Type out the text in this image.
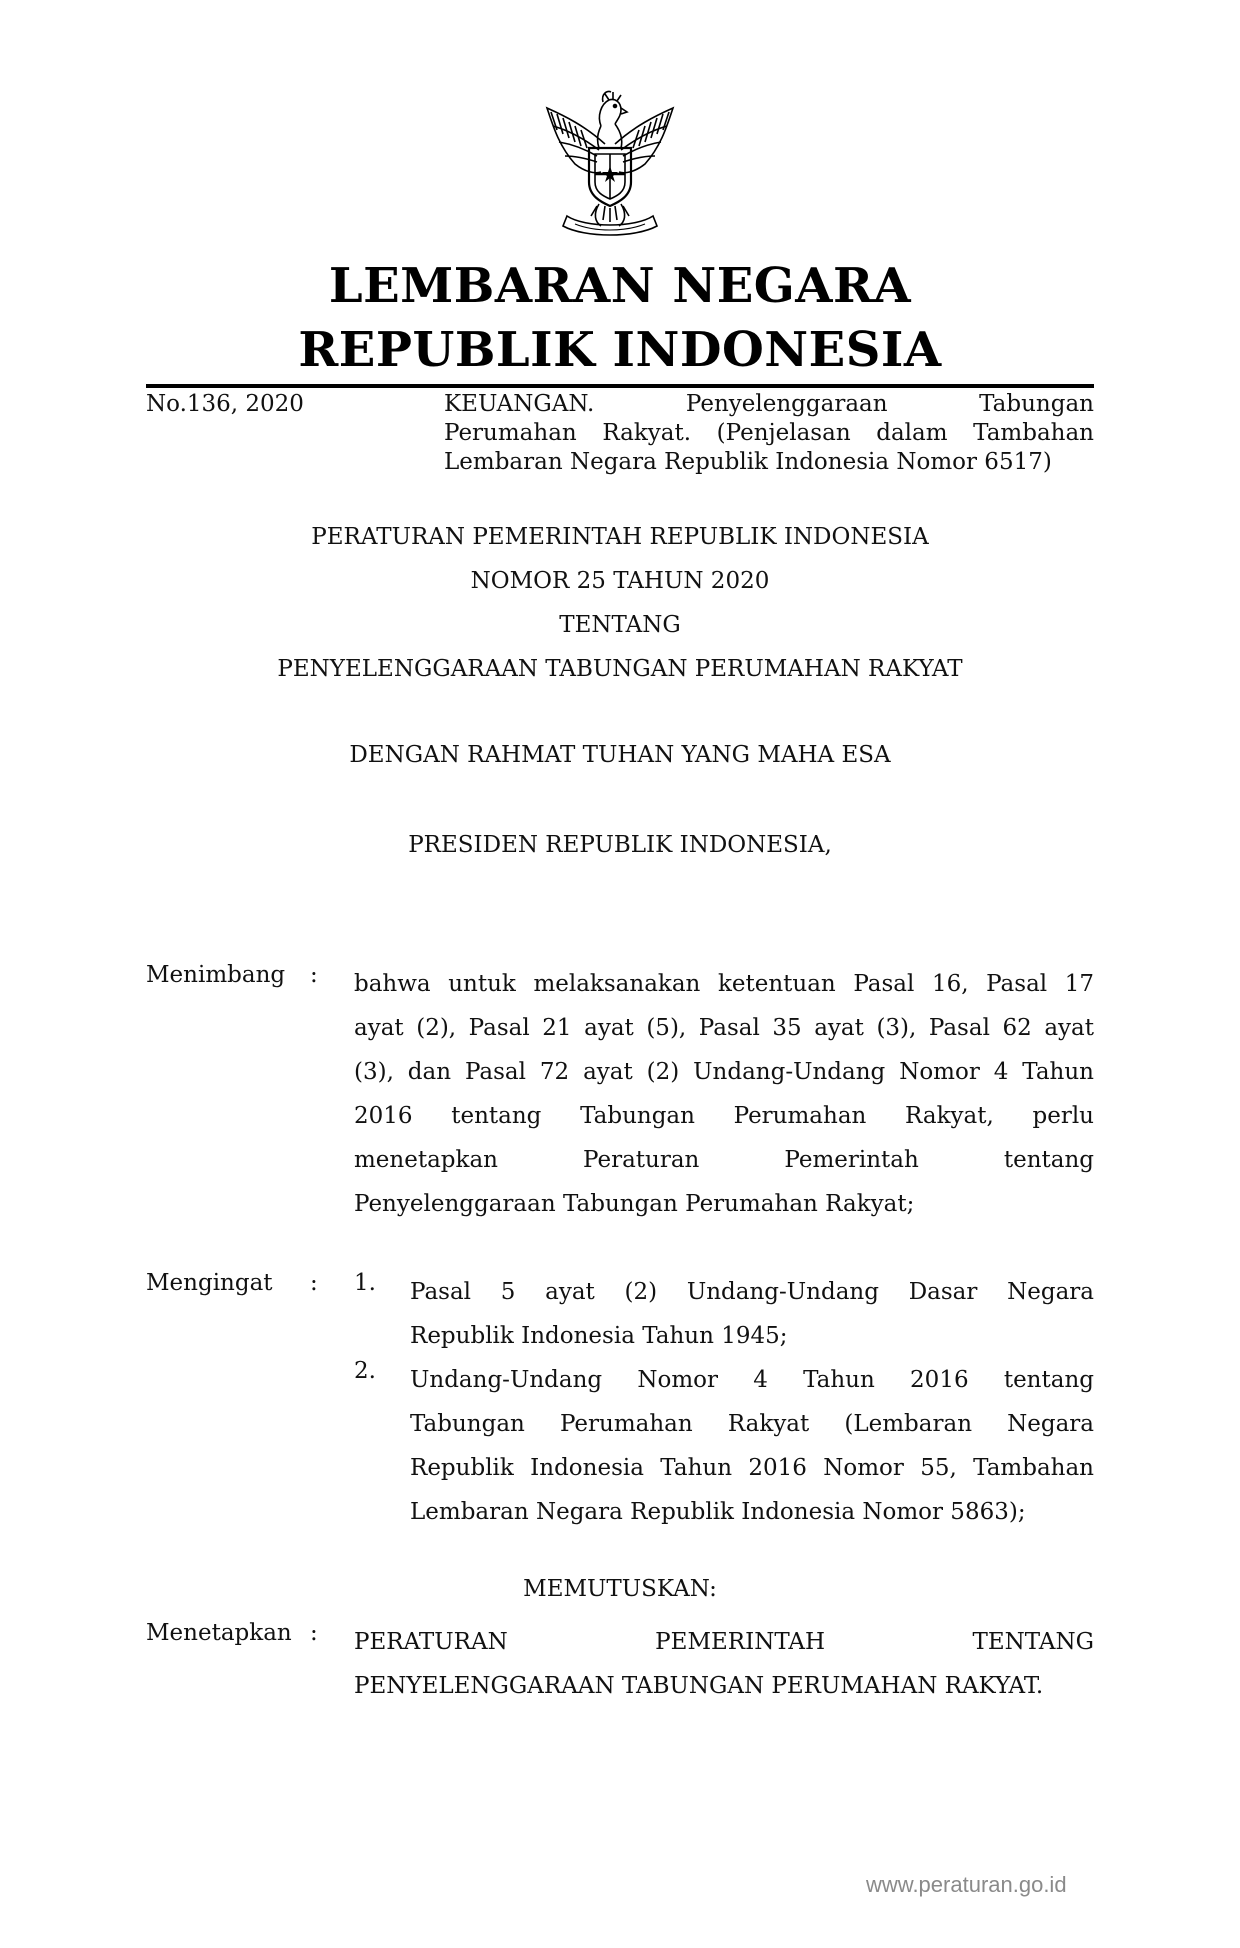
LEMBARAN NEGARA
REPUBLIK INDONESIA
No.136, 2020	KEUANGAN. Penyelenggaraan Tabungan
Perumahan Rakyat. (Penjelasan dalam Tambahan
Lembaran Negara Republik Indonesia Nomor 6517)
PERATURAN PEMERINTAH REPUBLIK INDONESIA
NOMOR 25 TAHUN 2020
TENTANG
PENYELENGGARAAN TABUNGAN PERUMAHAN RAKYAT
DENGAN RAHMAT TUHAN YANG MAHA ESA
PRESIDEN REPUBLIK INDONESIA,
Menimbang : bahwa untuk melaksanakan ketentuan Pasal 16, Pasal 17
ayat (2), Pasal 21 ayat (5), Pasal 35 ayat (3), Pasal 62 ayat
(3), dan Pasal 72 ayat (2) Undang-Undang Nomor 4 Tahun
2016 tentang Tabungan Perumahan Rakyat, perlu
menetapkan Peraturan Pemerintah tentang
Penyelenggaraan Tabungan Perumahan Rakyat;
Mengingat : 1. Pasal 5 ayat (2) Undang-Undang Dasar Negara
Republik Indonesia Tahun 1945;
2. Undang-Undang Nomor 4 Tahun 2016 tentang
Tabungan Perumahan Rakyat (Lembaran Negara
Republik Indonesia Tahun 2016 Nomor 55, Tambahan
Lembaran Negara Republik Indonesia Nomor 5863);
MEMUTUSKAN:
Menetapkan : PERATURAN PEMERINTAH TENTANG
PENYELENGGARAAN TABUNGAN PERUMAHAN RAKYAT.
www.peraturan.go.id
